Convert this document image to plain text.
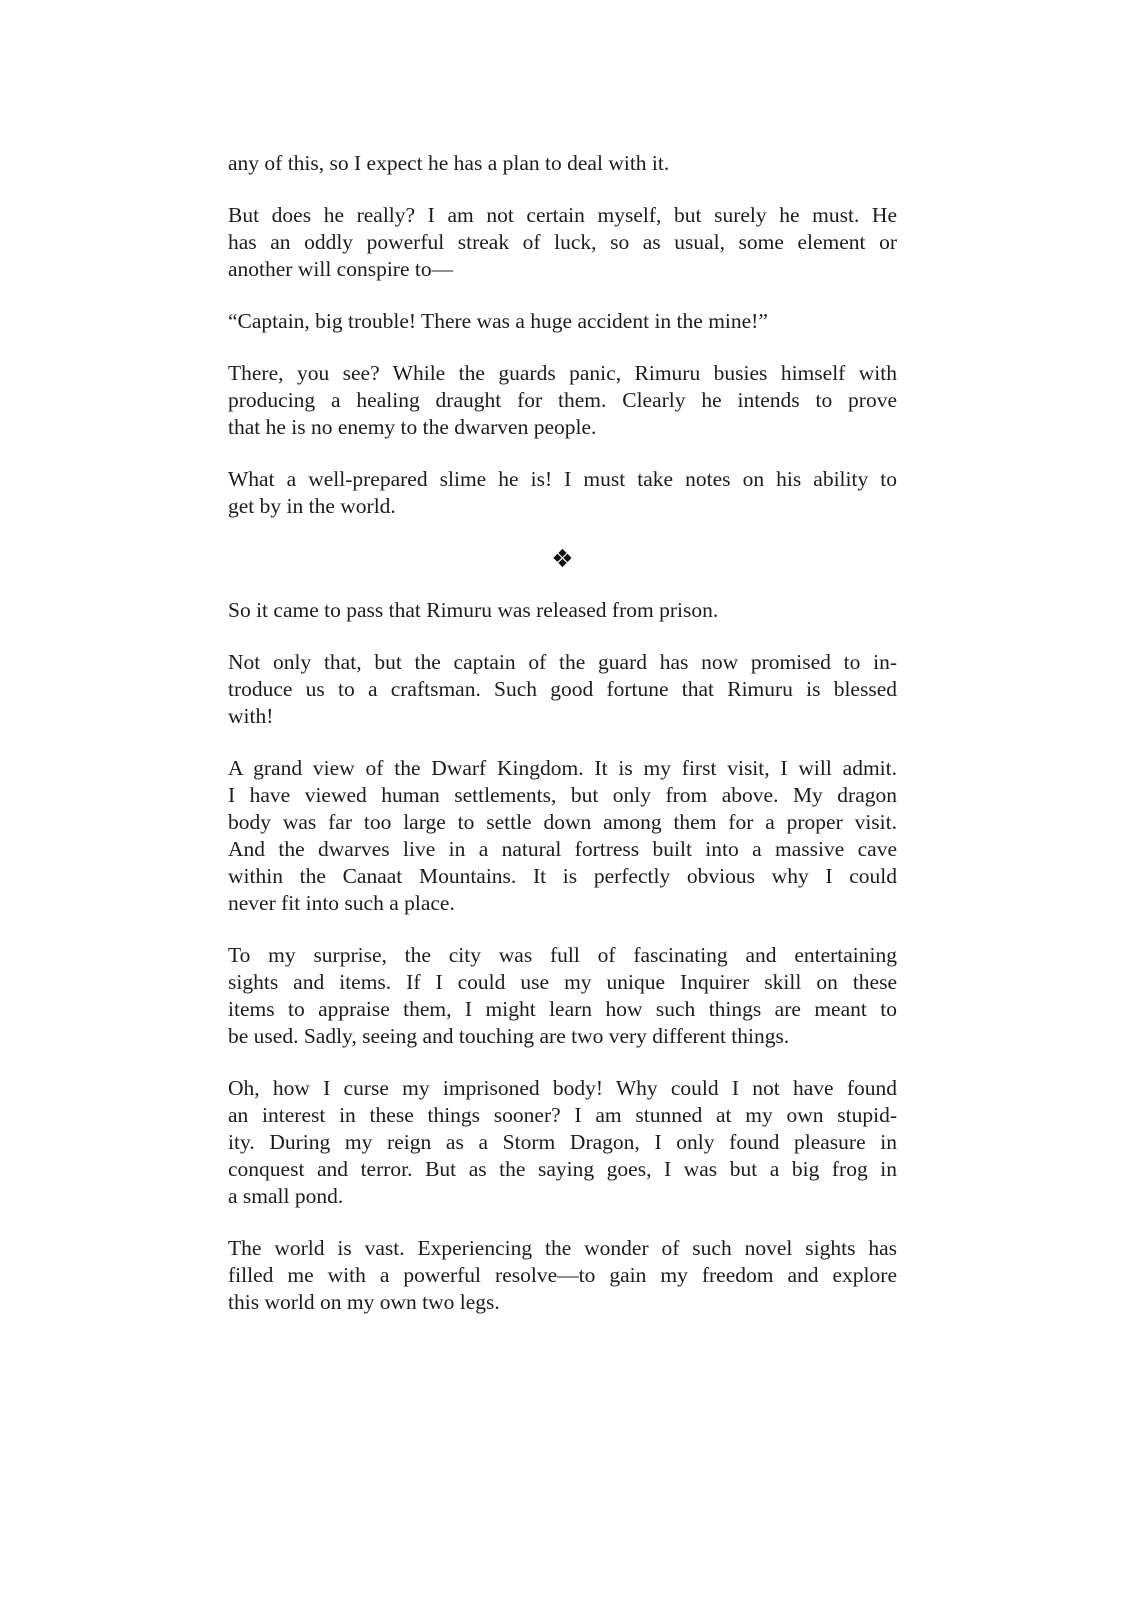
any of this, so I expect he has a plan to deal with it.
But does he really? I am not certain myself, but surely he must. He
has an oddly powerful streak of luck, so as usual, some element or
another will conspire to—
“Captain, big trouble! There was a huge accident in the mine!”
There, you see? While the guards panic, Rimuru busies himself with
producing a healing draught for them. Clearly he intends to prove
that he is no enemy to the dwarven people.
What a well-prepared slime he is! I must take notes on his ability to
get by in the world.
❖
So it came to pass that Rimuru was released from prison.
Not only that, but the captain of the guard has now promised to in-
troduce us to a craftsman. Such good fortune that Rimuru is blessed
with!
A grand view of the Dwarf Kingdom. It is my first visit, I will admit.
I have viewed human settlements, but only from above. My dragon
body was far too large to settle down among them for a proper visit.
And the dwarves live in a natural fortress built into a massive cave
within the Canaat Mountains. It is perfectly obvious why I could
never fit into such a place.
To my surprise, the city was full of fascinating and entertaining
sights and items. If I could use my unique Inquirer skill on these
items to appraise them, I might learn how such things are meant to
be used. Sadly, seeing and touching are two very different things.
Oh, how I curse my imprisoned body! Why could I not have found
an interest in these things sooner? I am stunned at my own stupid-
ity. During my reign as a Storm Dragon, I only found pleasure in
conquest and terror. But as the saying goes, I was but a big frog in
a small pond.
The world is vast. Experiencing the wonder of such novel sights has
filled me with a powerful resolve—to gain my freedom and explore
this world on my own two legs.
